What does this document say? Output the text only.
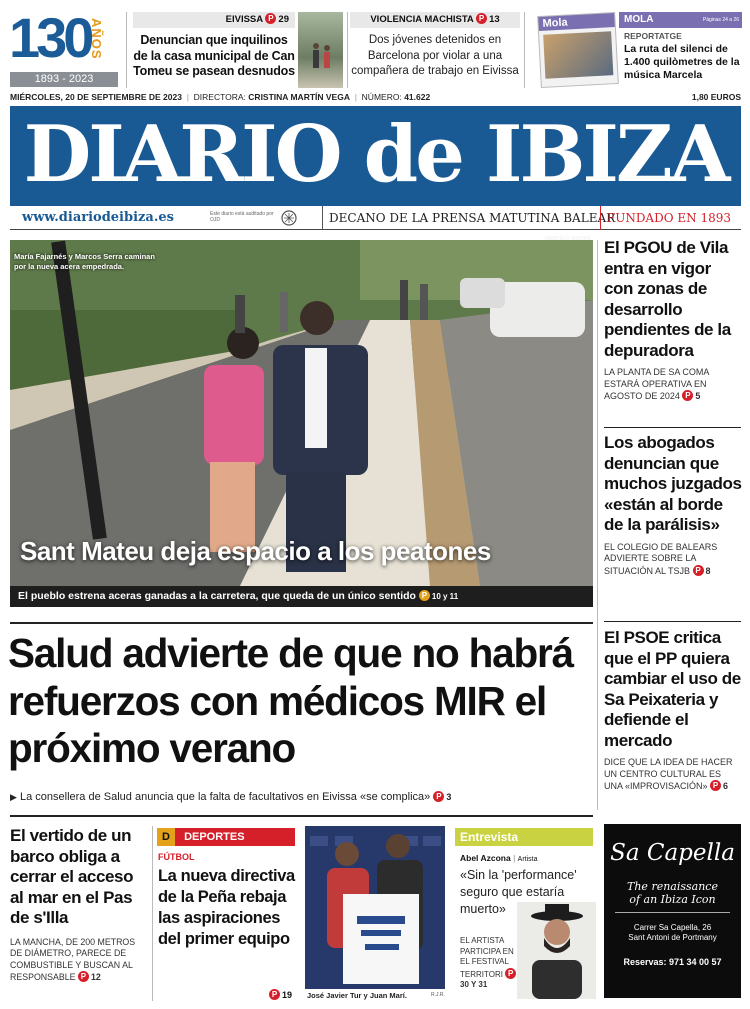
130
AÑOS
1893 - 2023
EIVISSA P 29
Denuncian que inquilinos de la casa municipal de Can Tomeu se pasean desnudos
VIOLENCIA MACHISTA P 13
Dos jóvenes detenidos en Barcelona por violar a una compañera de trabajo en Eivissa
Mola	MOLA	Páginas 24 a 26
REPORTATGE
La ruta del silenci de 1.400 quilòmetres de la música Marcela
MIÉRCOLES, 20 DE SEPTIEMBRE DE 2023  |  DIRECTORA: CRISTINA MARTÍN VEGA  |  NÚMERO: 41.622	1,80 EUROS
DIARIO de IBIZA
www.diariodeibiza.es	Este diario está auditado por OJD	DECANO DE LA PRENSA MATUTINA BALEAR
FUNDADO EN 1893
María Fajarnés y Marcos Serra caminan por la nueva acera empedrada.
MARCELO SASTRE
Sant Mateu deja espacio a los peatones
El pueblo estrena aceras ganadas a la carretera, que queda de un único sentido P 10 y 11
Salud advierte de que no habrá refuerzos con médicos MIR el próximo verano
▶ La consellera de Salud anuncia que la falta de facultativos en Eivissa «se complica» P 3
El PGOU de Vila entra en vigor con zonas de desarrollo pendientes de la depuradora
LA PLANTA DE SA COMA ESTARÁ OPERATIVA EN AGOSTO DE 2024 P 5
Los abogados denuncian que muchos juzgados «están al borde de la parálisis»
EL COLEGIO DE BALEARS ADVIERTE SOBRE LA SITUACIÓN AL TSJB P 8
El PSOE critica que el PP quiera cambiar el uso de Sa Peixateria y defiende el mercado
DICE QUE LA IDEA DE HACER UN CENTRO CULTURAL ES UNA «IMPROVISACIÓN» P 6
El vertido de un barco obliga a cerrar el acceso al mar en el Pas de s'Illa
LA MANCHA, DE 200 METROS DE DIÁMETRO, PARECE DE COMBUSTIBLE Y BUSCAN AL RESPONSABLE P 12
D DEPORTES
FÚTBOL
La nueva directiva de la Peña rebaja las aspiraciones del primer equipo
P 19 José Javier Tur y Juan Marí.	R.J.R.
Entrevista
Abel Azcona | Artista
«Sin la 'performance' seguro que estaría muerto»
EL ARTISTA PARTICIPA EN EL FESTIVAL TERRITORI P30 Y 31
Sa Capella
The renaissance
of an Ibiza Icon
Carrer Sa Capella, 26
Sant Antoni de Portmany
Reservas: 971 34 00 57
